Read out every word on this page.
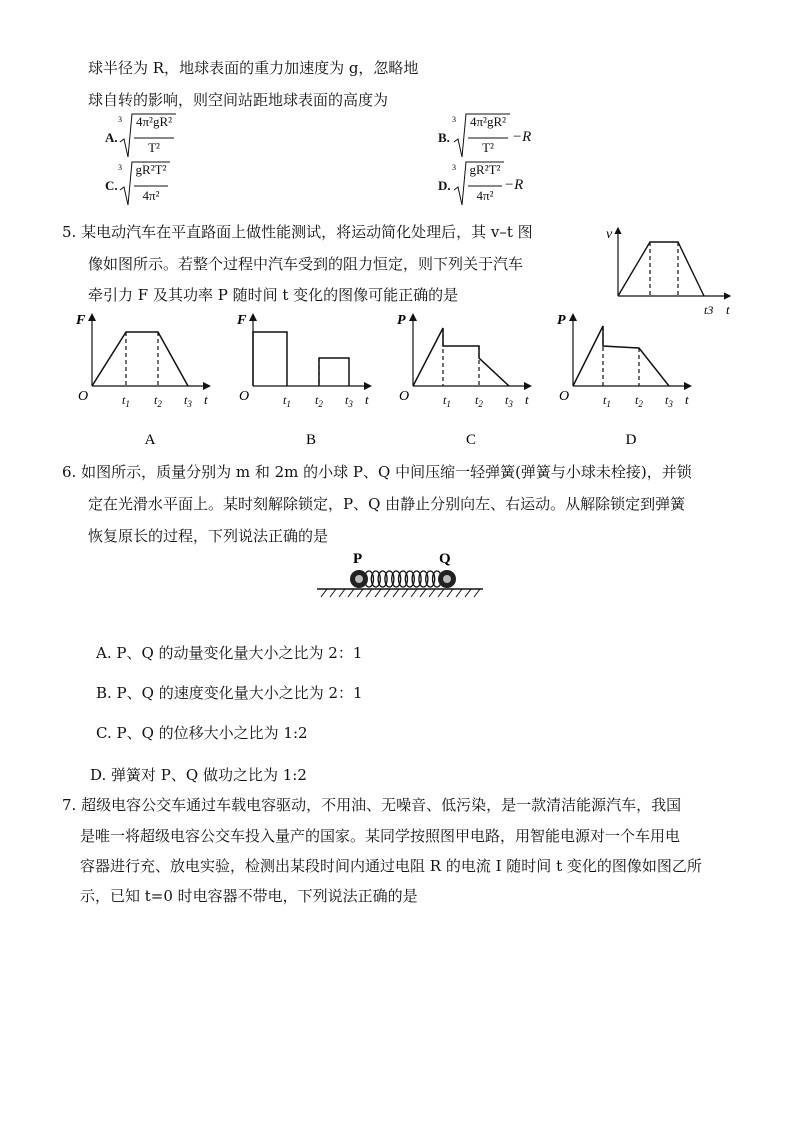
球半径为 R，地球表面的重力加速度为 g，忽略地
球自转的影响，则空间站距地球表面的高度为
A.
3 4π²gR²
T²
B.
3 4π²gR²
T²
−R
C.
3 gR²T²
4π²
D.
3 gR²T²
4π²
−R
5. 某电动汽车在平直路面上做性能测试，将运动简化处理后，其 v–t 图
像如图所示。若整个过程中汽车受到的阻力恒定，则下列关于汽车
牵引力 F 及其功率 P 随时间 t 变化的图像可能正确的是
v
t
t3
F
O	$t_1$ $t_2$ $t_3$ t
A
F
O	$t_1$ $t_2$ $t_3$ t
B
P
O	$t_1$ $t_2$ $t_3$ t
C
P
O	$t_1$ $t_2$ $t_3$ t
D
6. 如图所示，质量分别为 m 和 2m 的小球 P、Q 中间压缩一轻弹簧(弹簧与小球未栓接)，并锁
定在光滑水平面上。某时刻解除锁定，P、Q 由静止分别向左、右运动。从解除锁定到弹簧
恢复原长的过程，下列说法正确的是
P	Q
A. P、Q 的动量变化量大小之比为 2：1
B. P、Q 的速度变化量大小之比为 2：1
C. P、Q 的位移大小之比为 1:2
D. 弹簧对 P、Q 做功之比为 1:2
7. 超级电容公交车通过车载电容驱动，不用油、无噪音、低污染，是一款清洁能源汽车，我国
是唯一将超级电容公交车投入量产的国家。某同学按照图甲电路，用智能电源对一个车用电
容器进行充、放电实验，检测出某段时间内通过电阻 R 的电流 I 随时间 t 变化的图像如图乙所
示，已知 t=0 时电容器不带电，下列说法正确的是
